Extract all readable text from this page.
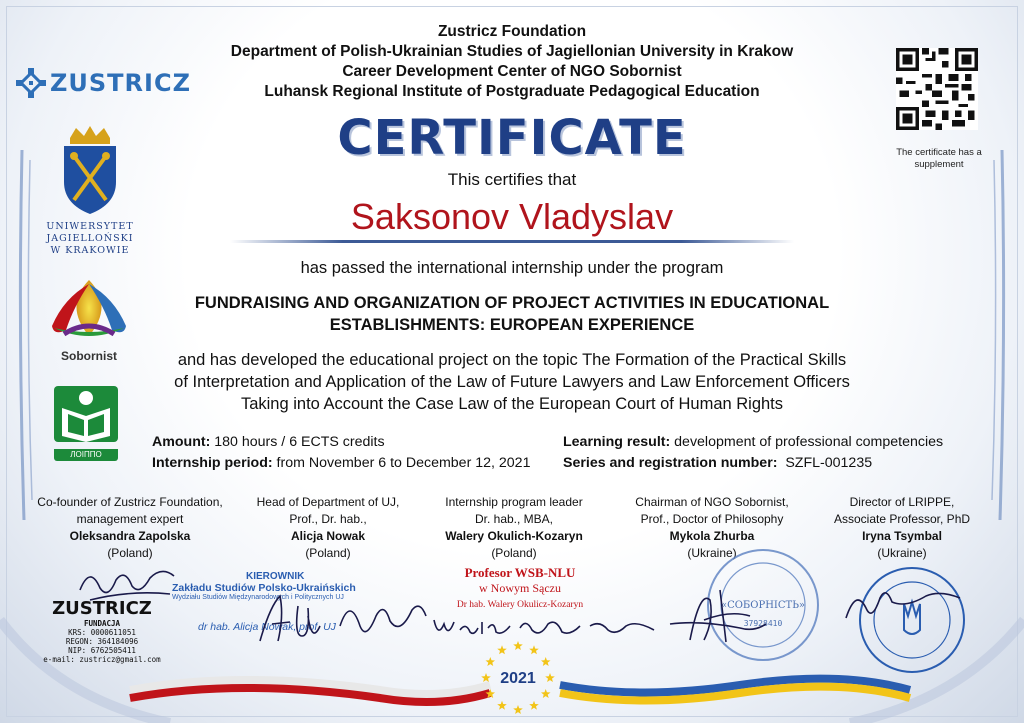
Zustricz Foundation
Department of Polish-Ukrainian Studies of Jagiellonian University in Krakow
Career Development Center of NGO Sobornist
Luhansk Regional Institute of Postgraduate Pedagogical Education
ZUSTRICZ
UNIWERSYTET
JAGIELLOŃSKI
W KRAKOWIE
Sobornist
ЛОІППО
The certificate has a supplement
CERTIFICATE
This certifies that
Saksonov Vladyslav
has passed the international internship under the program
FUNDRAISING AND ORGANIZATION OF PROJECT ACTIVITIES IN EDUCATIONAL
ESTABLISHMENTS: EUROPEAN EXPERIENCE
and has developed the educational project on the topic The Formation of the Practical Skills
of Interpretation and Application of the Law of Future Lawyers and Law Enforcement Officers
Taking into Account the Case Law of the European Court of Human Rights
Amount: 180 hours / 6 ECTS credits
Internship period: from November 6 to December 12, 2021
Learning result: development of professional competencies
Series and registration number: SZFL-001235
Co-founder of Zustricz Foundation,
management expert
Oleksandra Zapolska
(Poland)
Head of Department of UJ,
Prof., Dr. hab.,
Alicja Nowak
(Poland)
Internship program leader
Dr. hab., MBA,
Walery Okulich-Kozaryn
(Poland)
Chairman of NGO Sobornist,
Prof., Doctor of Philosophy
Mykola Zhurba
(Ukraine)
Director of LRIPPE,
Associate Professor, PhD
Iryna Tsymbal
(Ukraine)
ZUSTRICZ
FUNDACJA
KRS: 0000611051
REGON: 364184096
NIP: 6762505411
e-mail: zustricz@gmail.com
KIEROWNIK
Zakładu Studiów Polsko-Ukraińskich
Wydziału Studiów Międzynarodowych i Politycznych UJ
dr hab. Alicja Nowak, prof. UJ
Profesor WSB-NLU
w Nowym Sączu
Dr hab. Walery Okulicz-Kozaryn
2021
«СОБОРНІСТЬ»
37928410
